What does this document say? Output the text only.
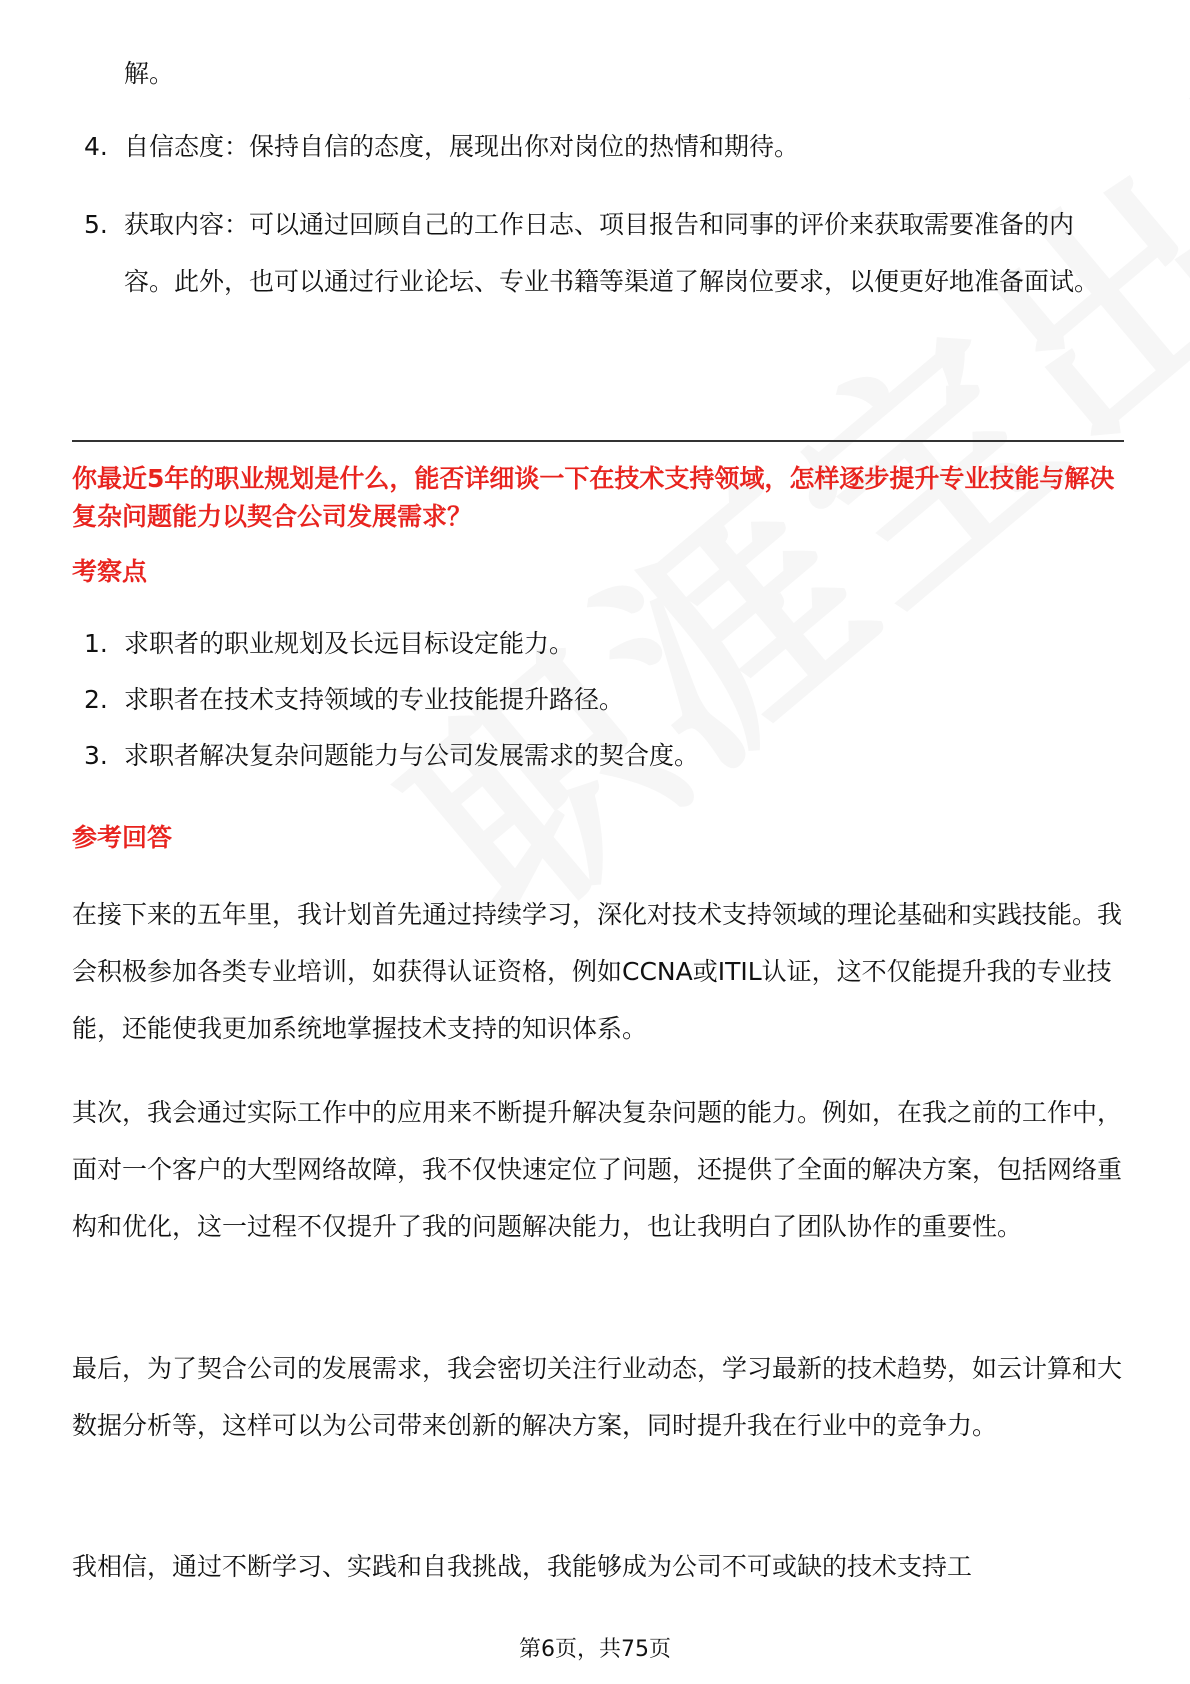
解。
4. 自信态度：保持自信的态度，展现出你对岗位的热情和期待。
5. 获取内容：可以通过回顾自己的工作日志、项目报告和同事的评价来获取需要准备的内容。此外，也可以通过行业论坛、专业书籍等渠道了解岗位要求，以便更好地准备面试。
你最近5年的职业规划是什么，能否详细谈一下在技术支持领域，怎样逐步提升专业技能与解决复杂问题能力以契合公司发展需求？
考察点
1. 求职者的职业规划及长远目标设定能力。
2. 求职者在技术支持领域的专业技能提升路径。
3. 求职者解决复杂问题能力与公司发展需求的契合度。
参考回答
在接下来的五年里，我计划首先通过持续学习，深化对技术支持领域的理论基础和实践技能。我会积极参加各类专业培训，如获得认证资格，例如CCNA或ITIL认证，这不仅能提升我的专业技能，还能使我更加系统地掌握技术支持的知识体系。
其次，我会通过实际工作中的应用来不断提升解决复杂问题的能力。例如，在我之前的工作中，面对一个客户的大型网络故障，我不仅快速定位了问题，还提供了全面的解决方案，包括网络重构和优化，这一过程不仅提升了我的问题解决能力，也让我明白了团队协作的重要性。
最后，为了契合公司的发展需求，我会密切关注行业动态，学习最新的技术趋势，如云计算和大数据分析等，这样可以为公司带来创新的解决方案，同时提升我在行业中的竞争力。
我相信，通过不断学习、实践和自我挑战，我能够成为公司不可或缺的技术支持工
第6页，共75页
